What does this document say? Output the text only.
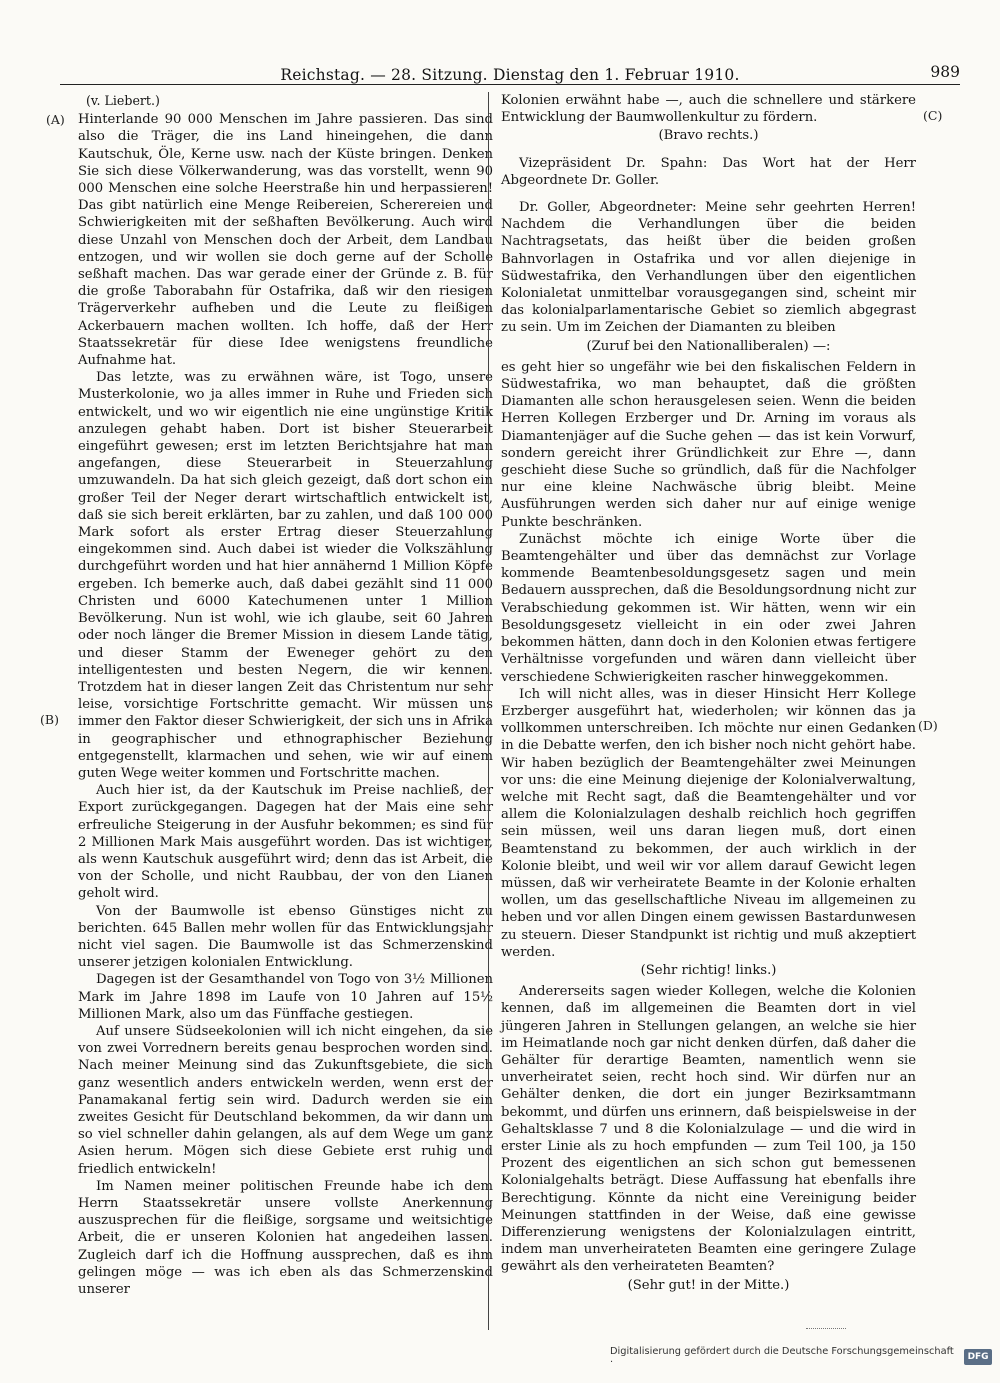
Reichstag. — 28. Sitzung. Dienstag den 1. Februar 1910.	989
(A)
(B)
(C)
(D)
(v. Liebert.)

Hinterlande 90 000 Menschen im Jahre passieren. Das sind also die Träger, die ins Land hineingehen, die dann Kautschuk, Öle, Kerne usw. nach der Küste bringen. Denken Sie sich diese Völkerwanderung, was das vorstellt, wenn 90 000 Menschen eine solche Heerstraße hin und herpassieren! Das gibt natürlich eine Menge Reibereien, Scherereien und Schwierigkeiten mit der seßhaften Bevölkerung. Auch wird diese Unzahl von Menschen doch der Arbeit, dem Landbau entzogen, und wir wollen sie doch gerne auf der Scholle seßhaft machen. Das war gerade einer der Gründe z. B. für die große Taborabahn für Ostafrika, daß wir den riesigen Trägerverkehr aufheben und die Leute zu fleißigen Ackerbauern machen wollten. Ich hoffe, daß der Herr Staatssekretär für diese Idee wenigstens freundliche Aufnahme hat.

Das letzte, was zu erwähnen wäre, ist Togo, unsere Musterkolonie, wo ja alles immer in Ruhe und Frieden sich entwickelt, und wo wir eigentlich nie eine ungünstige Kritik anzulegen gehabt haben. Dort ist bisher Steuerarbeit eingeführt gewesen; erst im letzten Berichtsjahre hat man angefangen, diese Steuerarbeit in Steuerzahlung umzuwandeln. Da hat sich gleich gezeigt, daß dort schon ein großer Teil der Neger derart wirtschaftlich entwickelt ist, daß sie sich bereit erklärten, bar zu zahlen, und daß 100 000 Mark sofort als erster Ertrag dieser Steuerzahlung eingekommen sind. Auch dabei ist wieder die Volkszählung durchgeführt worden und hat hier annähernd 1 Million Köpfe ergeben. Ich bemerke auch, daß dabei gezählt sind 11 000 Christen und 6000 Katechumenen unter 1 Million Bevölkerung. Nun ist wohl, wie ich glaube, seit 60 Jahren oder noch länger die Bremer Mission in diesem Lande tätig, und dieser Stamm der Eweneger gehört zu den intelligentesten und besten Negern, die wir kennen. Trotzdem hat in dieser langen Zeit das Christentum nur sehr leise, vorsichtige Fortschritte gemacht. Wir müssen uns immer den Faktor dieser Schwierigkeit, der sich uns in Afrika in geographischer und ethnographischer Beziehung entgegenstellt, klarmachen und sehen, wie wir auf einem guten Wege weiter kommen und Fortschritte machen.

Auch hier ist, da der Kautschuk im Preise nachließ, der Export zurückgegangen. Dagegen hat der Mais eine sehr erfreuliche Steigerung in der Ausfuhr bekommen; es sind für 2 Millionen Mark Mais ausgeführt worden. Das ist wichtiger, als wenn Kautschuk ausgeführt wird; denn das ist Arbeit, die von der Scholle, und nicht Raubbau, der von den Lianen geholt wird.

Von der Baumwolle ist ebenso Günstiges nicht zu berichten. 645 Ballen mehr wollen für das Entwicklungsjahr nicht viel sagen. Die Baumwolle ist das Schmerzenskind unserer jetzigen kolonialen Entwicklung.

Dagegen ist der Gesamthandel von Togo von 3½ Millionen Mark im Jahre 1898 im Laufe von 10 Jahren auf 15½ Millionen Mark, also um das Fünffache gestiegen.

Auf unsere Südseekolonien will ich nicht eingehen, da sie von zwei Vorrednern bereits genau besprochen worden sind. Nach meiner Meinung sind das Zukunftsgebiete, die sich ganz wesentlich anders entwickeln werden, wenn erst der Panamakanal fertig sein wird. Dadurch werden sie ein zweites Gesicht für Deutschland bekommen, da wir dann um so viel schneller dahin gelangen, als auf dem Wege um ganz Asien herum. Mögen sich diese Gebiete erst ruhig und friedlich entwickeln!

Im Namen meiner politischen Freunde habe ich dem Herrn Staatssekretär unsere vollste Anerkennung auszusprechen für die fleißige, sorgsame und weitsichtige Arbeit, die er unseren Kolonien hat angedeihen lassen. Zugleich darf ich die Hoffnung aussprechen, daß es ihm gelingen möge — was ich eben als das Schmerzenskind unserer

Kolonien erwähnt habe —, auch die schnellere und stärkere Entwicklung der Baumwollenkultur zu fördern.

(Bravo rechts.)

Vizepräsident Dr. Spahn: Das Wort hat der Herr Abgeordnete Dr. Goller.

Dr. Goller, Abgeordneter: Meine sehr geehrten Herren! Nachdem die Verhandlungen über die beiden Nachtragsetats, das heißt über die beiden großen Bahnvorlagen in Ostafrika und vor allen diejenige in Südwestafrika, den Verhandlungen über den eigentlichen Kolonialetat unmittelbar vorausgegangen sind, scheint mir das kolonialparlamentarische Gebiet so ziemlich abgegrast zu sein. Um im Zeichen der Diamanten zu bleiben

(Zuruf bei den Nationalliberalen) —:

es geht hier so ungefähr wie bei den fiskalischen Feldern in Südwestafrika, wo man behauptet, daß die größten Diamanten alle schon herausgelesen seien. Wenn die beiden Herren Kollegen Erzberger und Dr. Arning im voraus als Diamantenjäger auf die Suche gehen — das ist kein Vorwurf, sondern gereicht ihrer Gründlichkeit zur Ehre —, dann geschieht diese Suche so gründlich, daß für die Nachfolger nur eine kleine Nachwäsche übrig bleibt. Meine Ausführungen werden sich daher nur auf einige wenige Punkte beschränken.

Zunächst möchte ich einige Worte über die Beamtengehälter und über das demnächst zur Vorlage kommende Beamtenbesoldungsgesetz sagen und mein Bedauern aussprechen, daß die Besoldungsordnung nicht zur Verabschiedung gekommen ist. Wir hätten, wenn wir ein Besoldungsgesetz vielleicht in ein oder zwei Jahren bekommen hätten, dann doch in den Kolonien etwas fertigere Verhältnisse vorgefunden und wären dann vielleicht über verschiedene Schwierigkeiten rascher hinweggekommen.

Ich will nicht alles, was in dieser Hinsicht Herr Kollege Erzberger ausgeführt hat, wiederholen; wir können das ja vollkommen unterschreiben. Ich möchte nur einen Gedanken in die Debatte werfen, den ich bisher noch nicht gehört habe. Wir haben bezüglich der Beamtengehälter zwei Meinungen vor uns: die eine Meinung diejenige der Kolonialverwaltung, welche mit Recht sagt, daß die Beamtengehälter und vor allem die Kolonialzulagen deshalb reichlich hoch gegriffen sein müssen, weil uns daran liegen muß, dort einen Beamtenstand zu bekommen, der auch wirklich in der Kolonie bleibt, und weil wir vor allem darauf Gewicht legen müssen, daß wir verheiratete Beamte in der Kolonie erhalten wollen, um das gesellschaftliche Niveau im allgemeinen zu heben und vor allen Dingen einem gewissen Bastardunwesen zu steuern. Dieser Standpunkt ist richtig und muß akzeptiert werden.

(Sehr richtig! links.)

Andererseits sagen wieder Kollegen, welche die Kolonien kennen, daß im allgemeinen die Beamten dort in viel jüngeren Jahren in Stellungen gelangen, an welche sie hier im Heimatlande noch gar nicht denken dürfen, daß daher die Gehälter für derartige Beamten, namentlich wenn sie unverheiratet seien, recht hoch sind. Wir dürfen nur an Gehälter denken, die dort ein junger Bezirksamtmann bekommt, und dürfen uns erinnern, daß beispielsweise in der Gehaltsklasse 7 und 8 die Kolonialzulage — und die wird in erster Linie als zu hoch empfunden — zum Teil 100, ja 150 Prozent des eigentlichen an sich schon gut bemessenen Kolonialgehalts beträgt. Diese Auffassung hat ebenfalls ihre Berechtigung. Könnte da nicht eine Vereinigung beider Meinungen stattfinden in der Weise, daß eine gewisse Differenzierung wenigstens der Kolonialzulagen eintritt, indem man unverheirateten Beamten eine geringere Zulage gewährt als den verheirateten Beamten?

(Sehr gut! in der Mitte.)

Digitalisierung gefördert durch die Deutsche Forschungsgemeinschaft ·	DFG
